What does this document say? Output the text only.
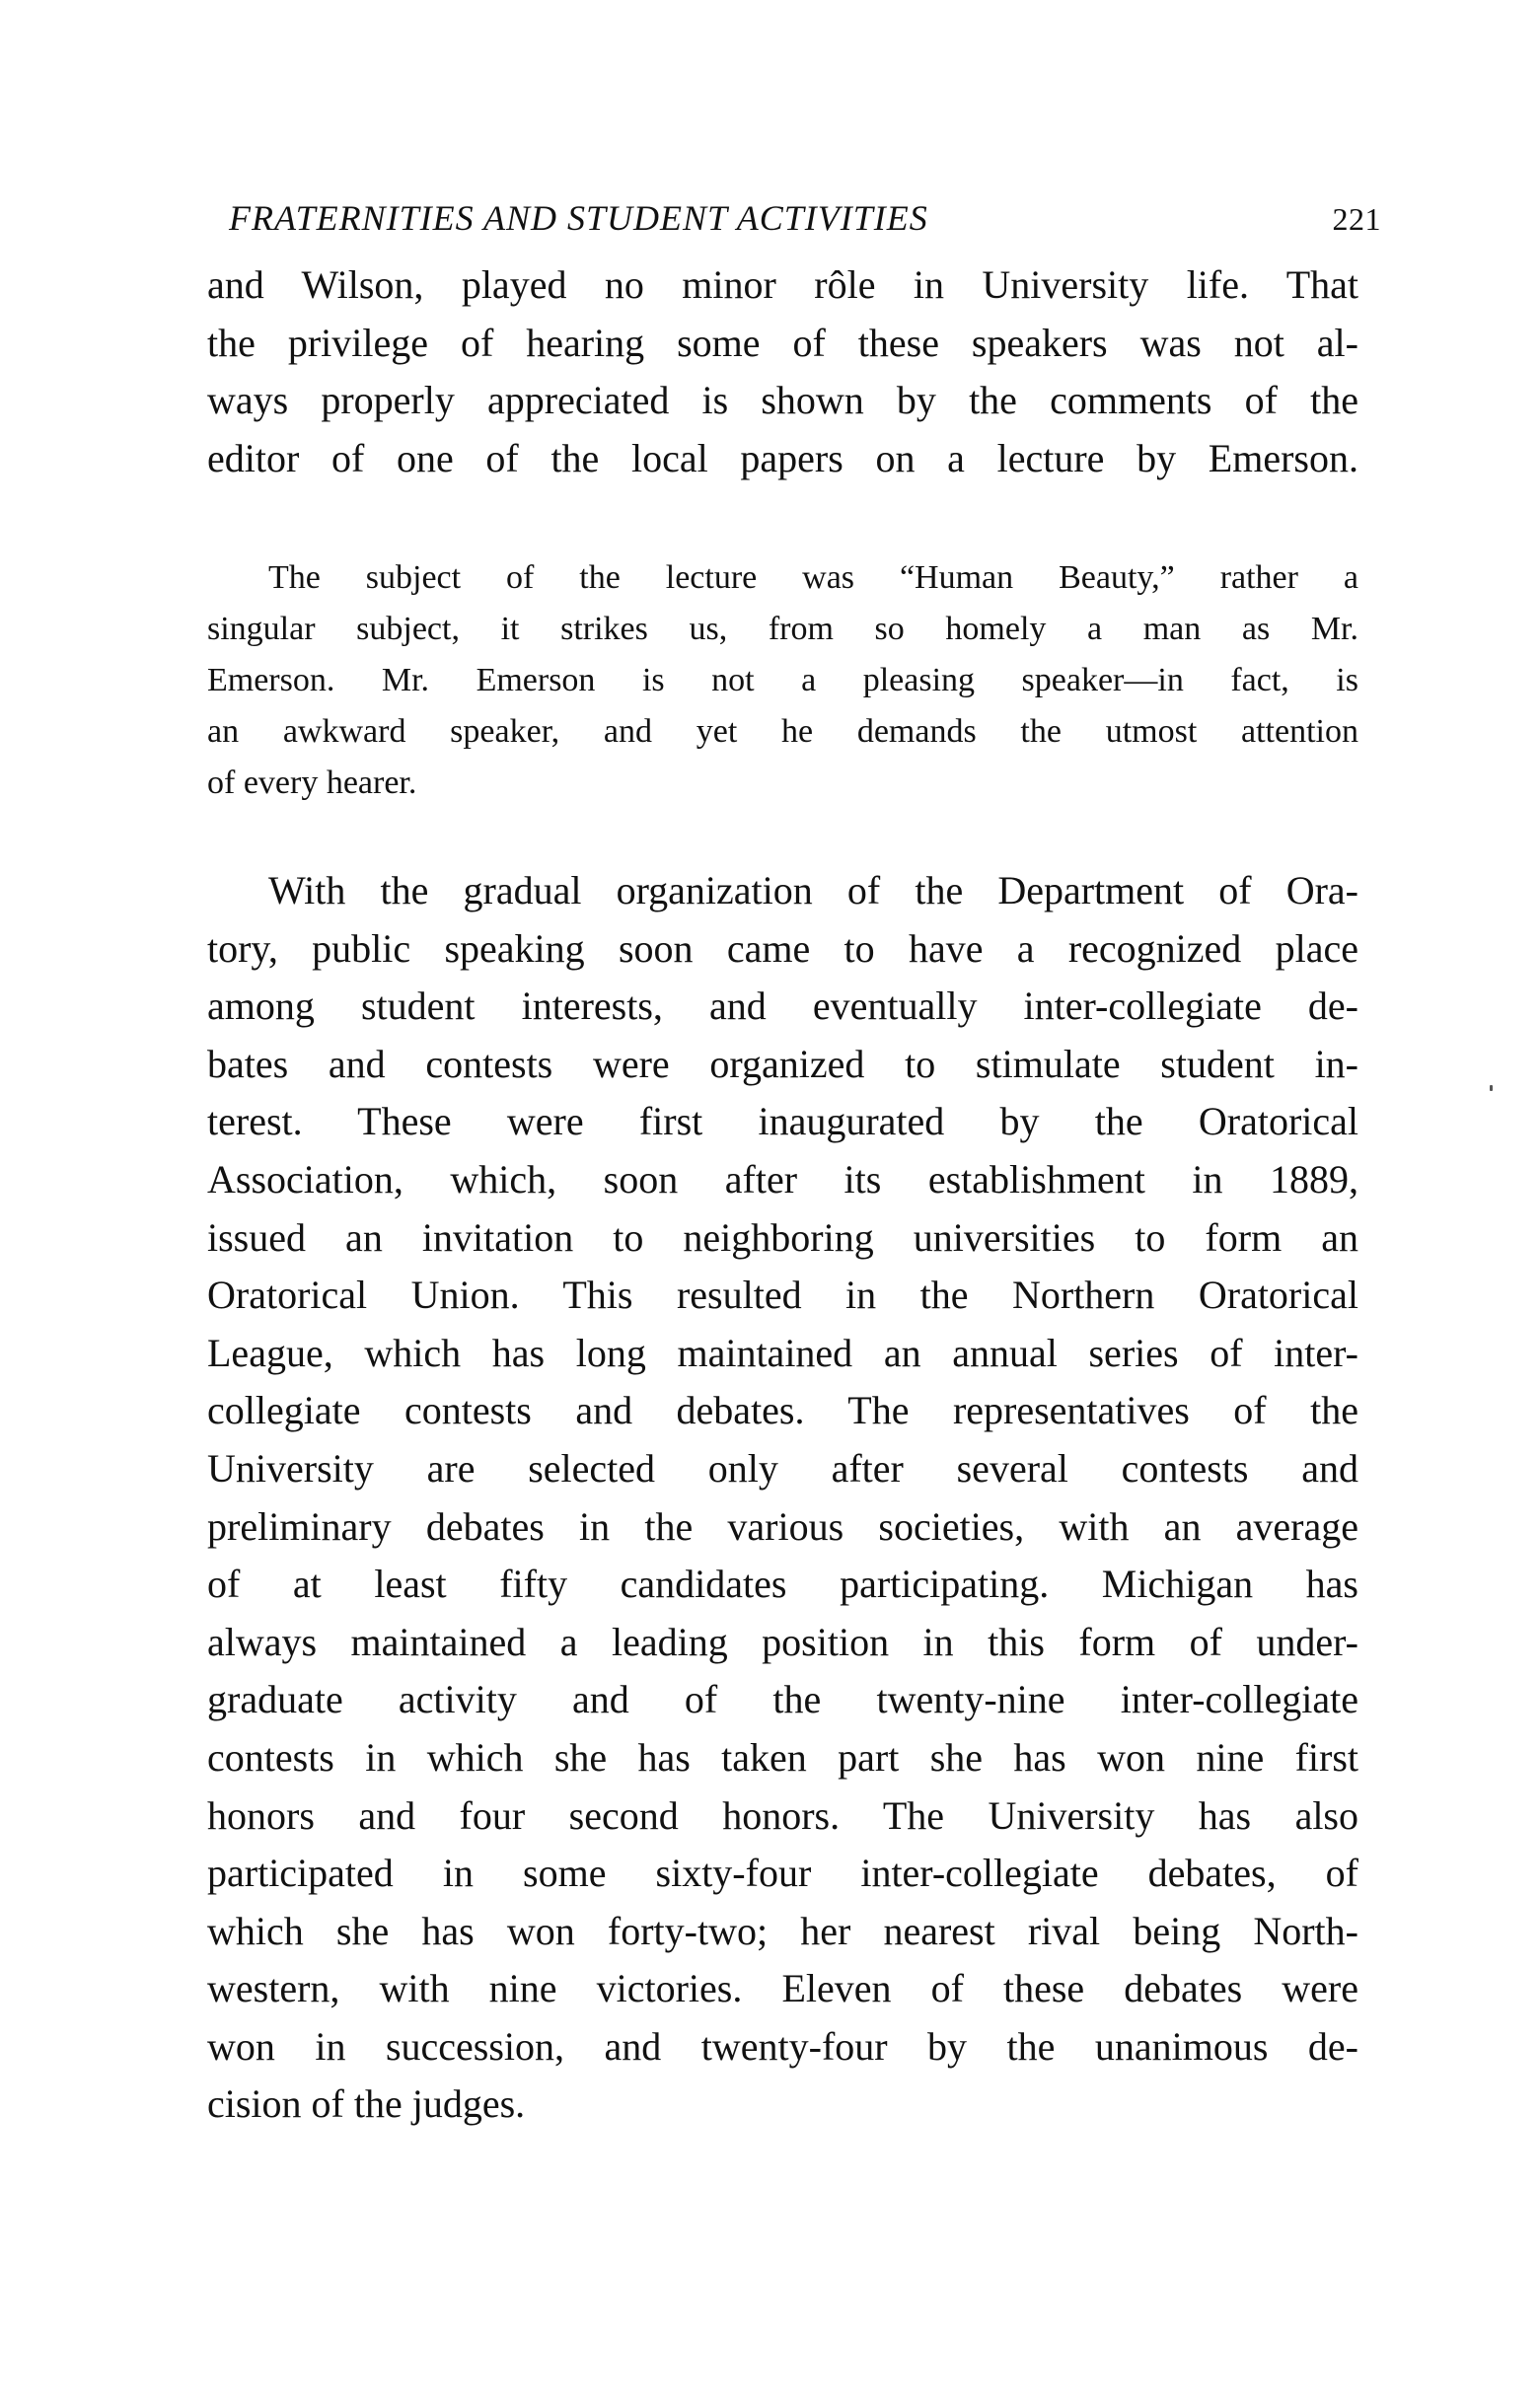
FRATERNITIES AND STUDENT ACTIVITIES	221
and Wilson, played no minor rôle in University life. That
the privilege of hearing some of these speakers was not al-
ways properly appreciated is shown by the comments of the
editor of one of the local papers on a lecture by Emerson.
The subject of the lecture was “Human Beauty,” rather a
singular subject, it strikes us, from so homely a man as Mr.
Emerson. Mr. Emerson is not a pleasing speaker—in fact, is
an awkward speaker, and yet he demands the utmost attention
of every hearer.
With the gradual organization of the Department of Ora-
tory, public speaking soon came to have a recognized place
among student interests, and eventually inter-collegiate de-
bates and contests were organized to stimulate student in-
terest. These were first inaugurated by the Oratorical
Association, which, soon after its establishment in 1889,
issued an invitation to neighboring universities to form an
Oratorical Union. This resulted in the Northern Oratorical
League, which has long maintained an annual series of inter-
collegiate contests and debates. The representatives of the
University are selected only after several contests and
preliminary debates in the various societies, with an average
of at least fifty candidates participating. Michigan has
always maintained a leading position in this form of under-
graduate activity and of the twenty-nine inter-collegiate
contests in which she has taken part she has won nine first
honors and four second honors. The University has also
participated in some sixty-four inter-collegiate debates, of
which she has won forty-two; her nearest rival being North-
western, with nine victories. Eleven of these debates were
won in succession, and twenty-four by the unanimous de-
cision of the judges.
